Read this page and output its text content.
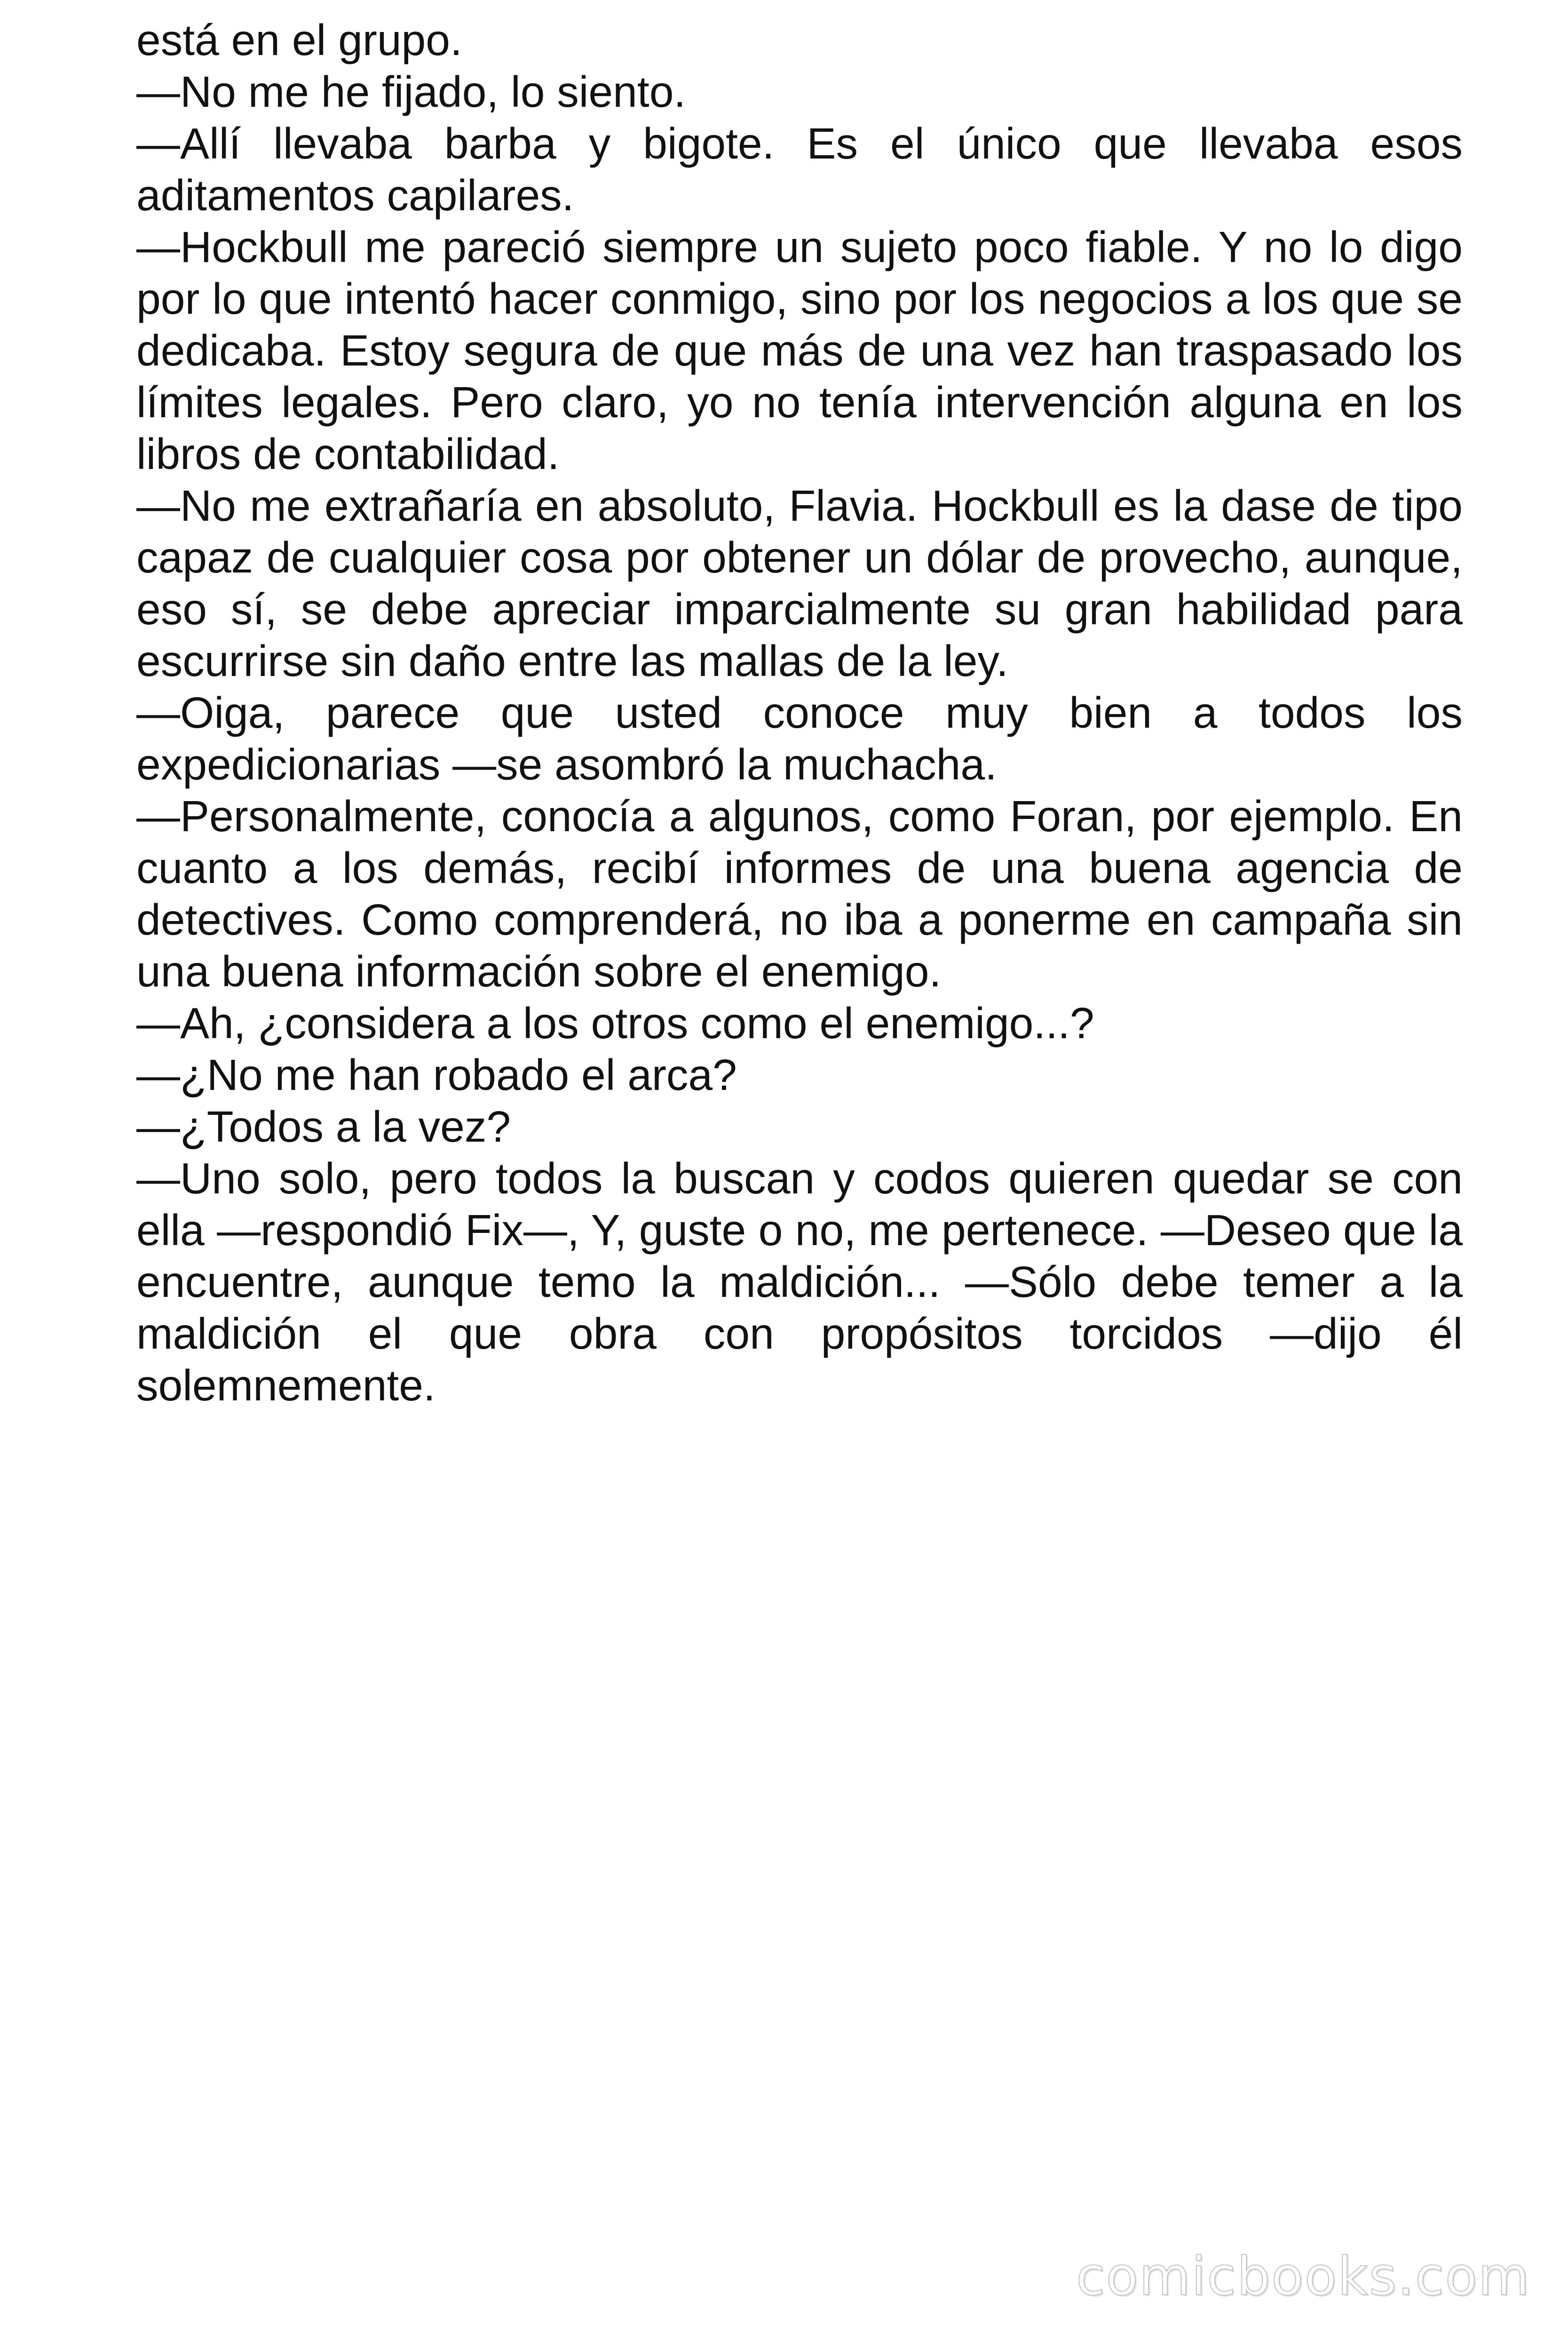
está en el grupo.

—No me he fijado, lo siento.

—Allí llevaba barba y bigote. Es el único que llevaba esos aditamentos capilares.

—Hockbull me pareció siempre un sujeto poco fiable. Y no lo digo por lo que intentó hacer conmigo, sino por los negocios a los que se dedicaba. Estoy segura de que más de una vez han traspasado los límites legales. Pero claro, yo no tenía intervención alguna en los libros de contabilidad.

—No me extrañaría en absoluto, Flavia. Hockbull es la dase de tipo capaz de cualquier cosa por obtener un dólar de provecho, aunque, eso sí, se debe apreciar imparcialmente su gran habilidad para escurrirse sin daño entre las mallas de la ley.

—Oiga, parece que usted conoce muy bien a todos los expedicionarias —se asombró la muchacha.

—Personalmente, conocía a algunos, como Foran, por ejemplo. En cuanto a los demás, recibí informes de una buena agencia de detectives. Como comprenderá, no iba a ponerme en campaña sin una buena información sobre el enemigo.

—Ah, ¿considera a los otros como el enemigo...?

—¿No me han robado el arca?

—¿Todos a la vez?

—Uno solo, pero todos la buscan y codos quieren quedar se con ella —respondió Fix—, Y, guste o no, me pertenece. —Deseo que la encuentre, aunque temo la maldición... —Sólo debe temer a la maldición el que obra con propósitos torcidos —dijo él solemnemente.

comicbooks.com
